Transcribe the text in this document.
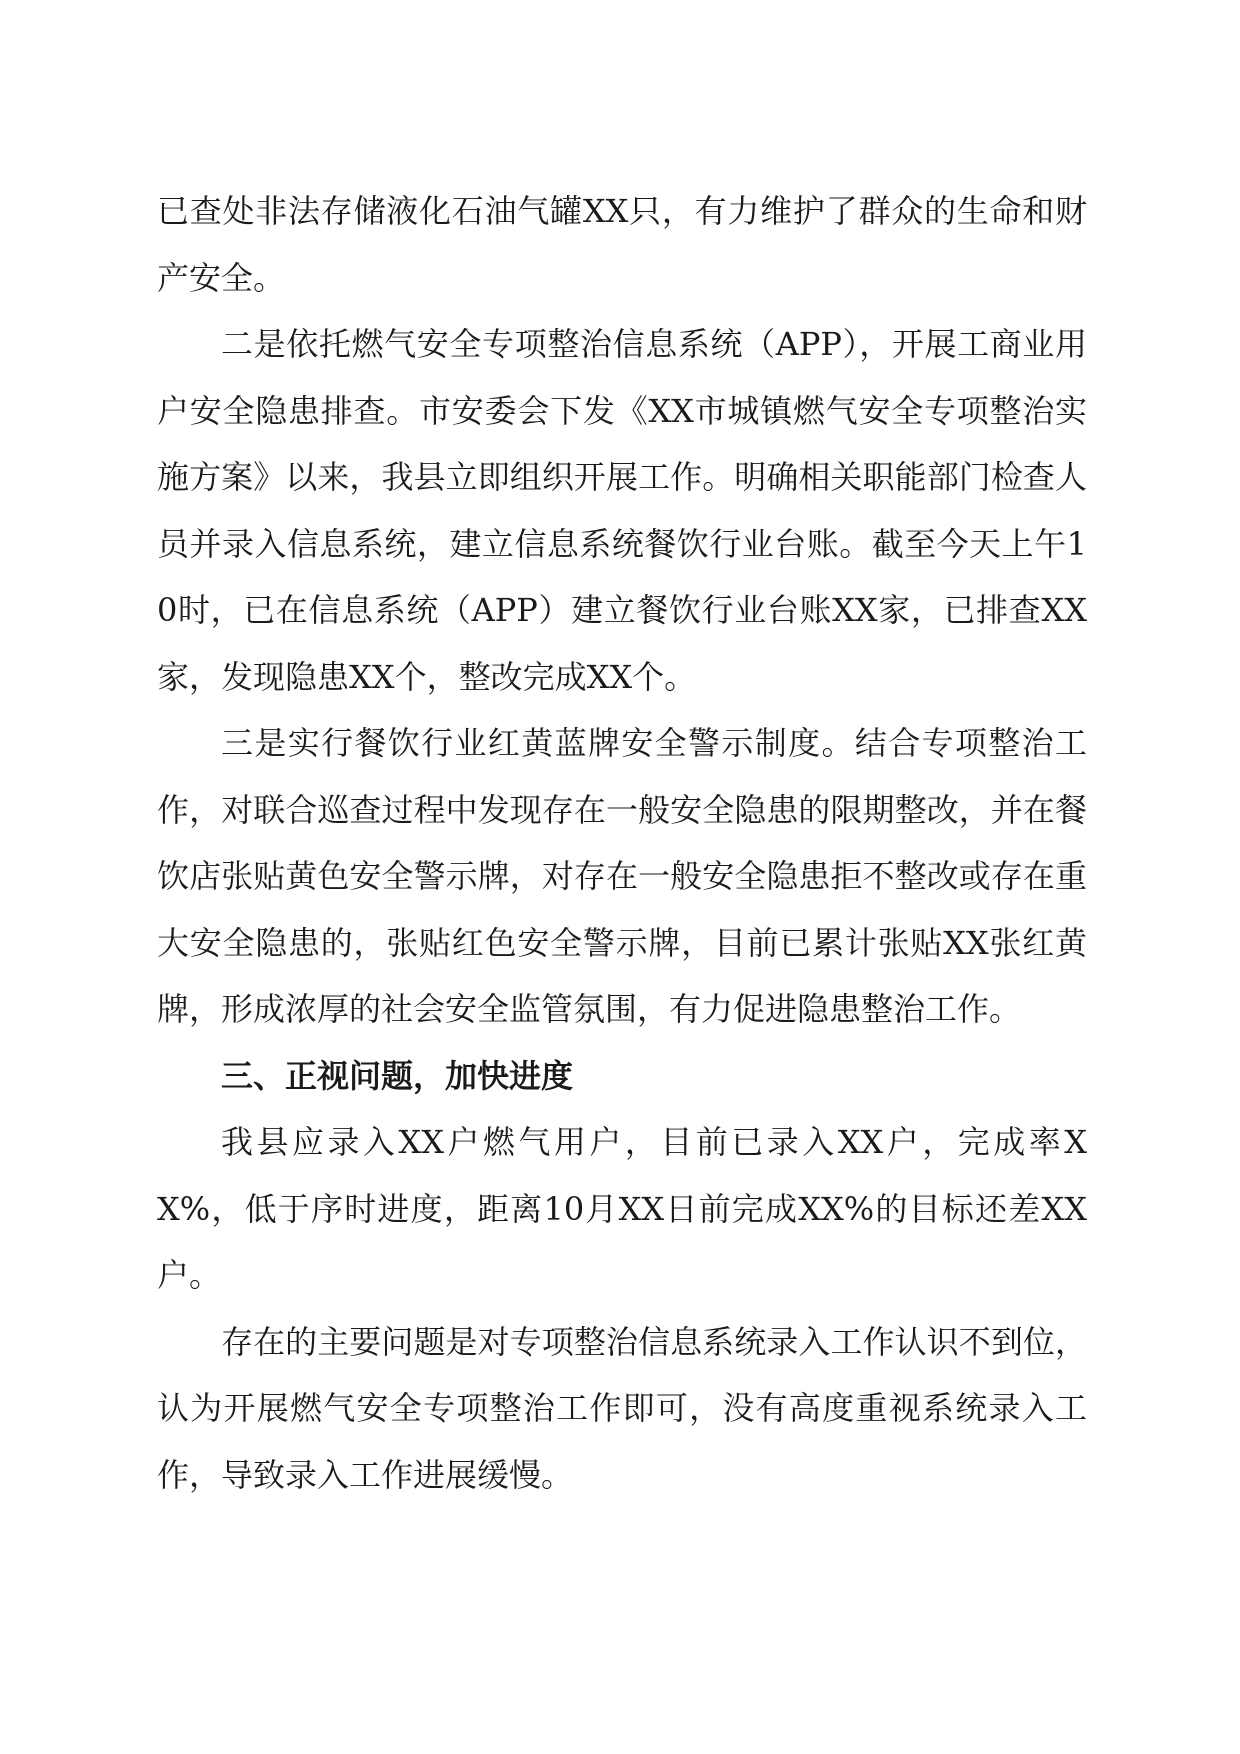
已查处非法存储液化石油气罐XX只，有力维护了群众的生命和财产安全。

二是依托燃气安全专项整治信息系统（APP），开展工商业用户安全隐患排查。市安委会下发《XX市城镇燃气安全专项整治实施方案》以来，我县立即组织开展工作。明确相关职能部门检查人员并录入信息系统，建立信息系统餐饮行业台账。截至今天上午10时，已在信息系统（APP）建立餐饮行业台账XX家，已排查XX家，发现隐患XX个，整改完成XX个。

三是实行餐饮行业红黄蓝牌安全警示制度。结合专项整治工作，对联合巡查过程中发现存在一般安全隐患的限期整改，并在餐饮店张贴黄色安全警示牌，对存在一般安全隐患拒不整改或存在重大安全隐患的，张贴红色安全警示牌，目前已累计张贴XX张红黄牌，形成浓厚的社会安全监管氛围，有力促进隐患整治工作。

三、正视问题，加快进度

我县应录入XX户燃气用户，目前已录入XX户，完成率XX%，低于序时进度，距离10月XX日前完成XX%的目标还差XX户。

存在的主要问题是对专项整治信息系统录入工作认识不到位，认为开展燃气安全专项整治工作即可，没有高度重视系统录入工作，导致录入工作进展缓慢。
